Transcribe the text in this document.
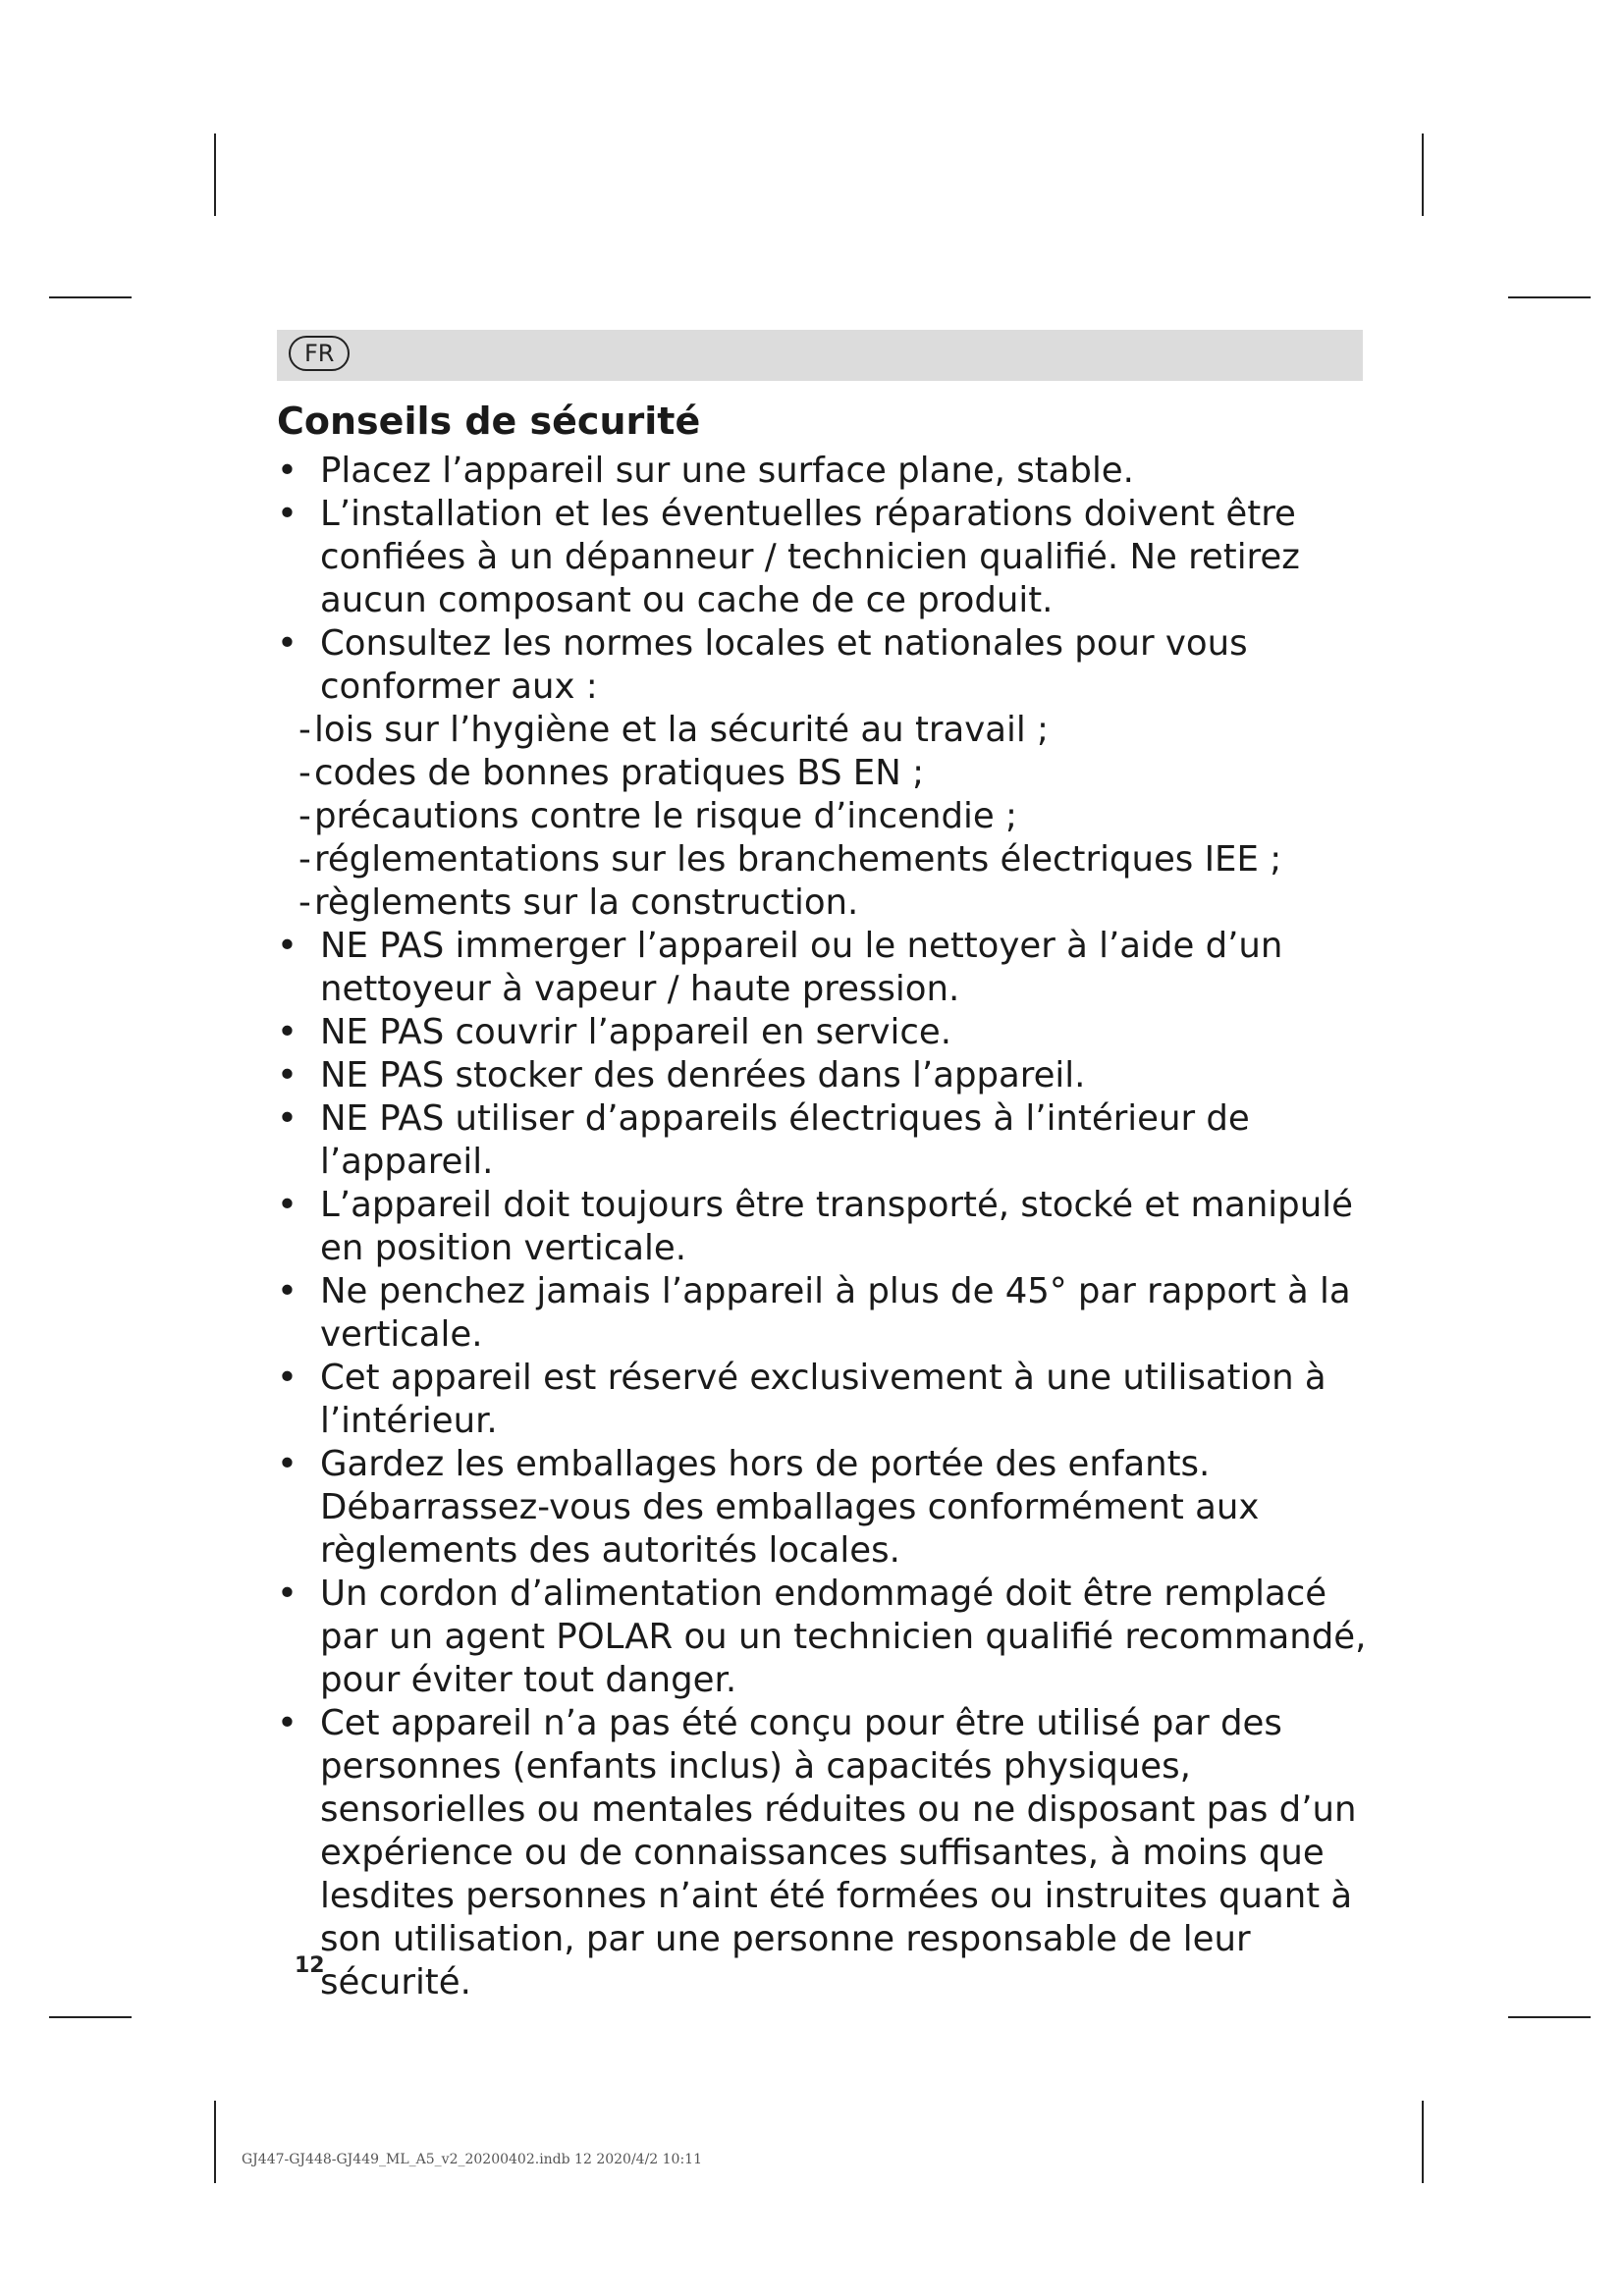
FR
Conseils de sécurité

• Placez l’appareil sur une surface plane, stable.

• L’installation et les éventuelles réparations doivent être confiées à un dépanneur / technicien qualifié. Ne retirez aucun composant ou cache de ce produit.

• Consultez les normes locales et nationales pour vous conformer aux :

- lois sur l’hygiène et la sécurité au travail ;

- codes de bonnes pratiques BS EN ;

- précautions contre le risque d’incendie ;

- réglementations sur les branchements électriques IEE ;

- règlements sur la construction.

• NE PAS immerger l’appareil ou le nettoyer à l’aide d’un nettoyeur à vapeur / haute pression.

• NE PAS couvrir l’appareil en service.

• NE PAS stocker des denrées dans l’appareil.

• NE PAS utiliser d’appareils électriques à l’intérieur de l’appareil.

• L’appareil doit toujours être transporté, stocké et manipulé en position verticale.

• Ne penchez jamais l’appareil à plus de 45° par rapport à la verticale.

• Cet appareil est réservé exclusivement à une utilisation à l’intérieur.

• Gardez les emballages hors de portée des enfants. Débarrassez-vous des emballages conformément aux règlements des autorités locales.

• Un cordon d’alimentation endommagé doit être remplacé par un agent POLAR ou un technicien qualifié recommandé, pour éviter tout danger.

• Cet appareil n’a pas été conçu pour être utilisé par des personnes (enfants inclus) à capacités physiques, sensorielles ou mentales réduites ou ne disposant pas d’un expérience ou de connaissances suffisantes, à moins que lesdites personnes n’aint été formées ou instruites quant à son utilisation, par une personne responsable de leur sécurité.

12
GJ447-GJ448-GJ449_ML_A5_v2_20200402.indb 12 2020/4/2 10:11
